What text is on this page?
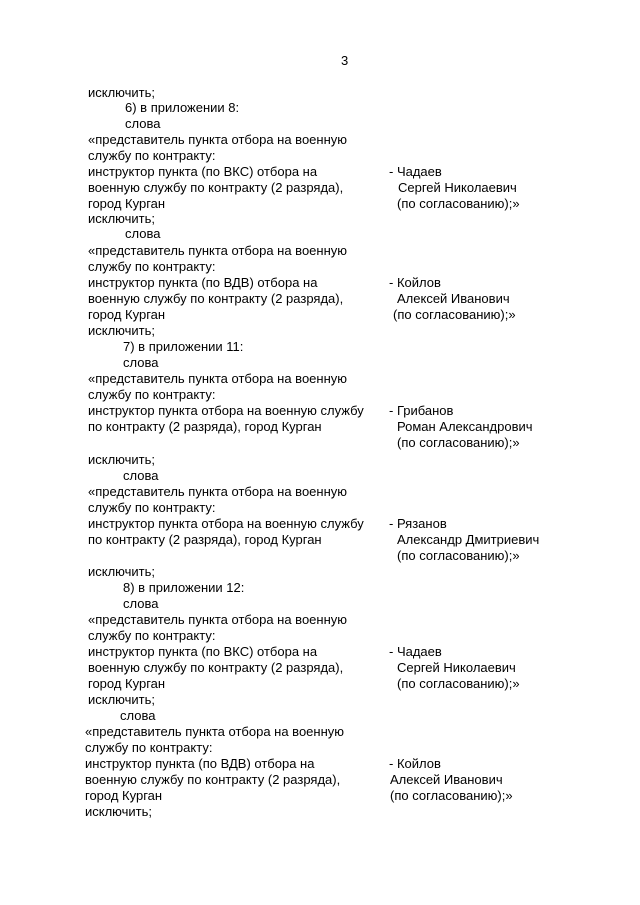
3
исключить;
6) в приложении 8:
слова
«представитель пункта отбора на военную
службу по контракту:
инструктор пункта (по ВКС) отбора на	- Чадаев
военную службу по контракту (2 разряда),	Сергей Николаевич
город Курган	(по согласованию);»
исключить;
слова
«представитель пункта отбора на военную
службу по контракту:
инструктор пункта (по ВДВ) отбора на	- Койлов
военную службу по контракту (2 разряда),	Алексей Иванович
город Курган	(по согласованию);»
исключить;
7) в приложении 11:
слова
«представитель пункта отбора на военную
службу по контракту:
инструктор пункта отбора на военную службу - Грибанов
по контракту (2 разряда), город Курган	Роман Александрович
(по согласованию);»
исключить;
слова
«представитель пункта отбора на военную
службу по контракту:
инструктор пункта отбора на военную службу - Рязанов
по контракту (2 разряда), город Курган	Александр Дмитриевич
(по согласованию);»
исключить;
8) в приложении 12:
слова
«представитель пункта отбора на военную
службу по контракту:
инструктор пункта (по ВКС) отбора на	- Чадаев
военную службу по контракту (2 разряда),	Сергей Николаевич
город Курган	(по согласованию);»
исключить;
слова
«представитель пункта отбора на военную
службу по контракту:
инструктор пункта (по ВДВ) отбора на	- Койлов
военную службу по контракту (2 разряда),	Алексей Иванович
город Курган	(по согласованию);»
исключить;
